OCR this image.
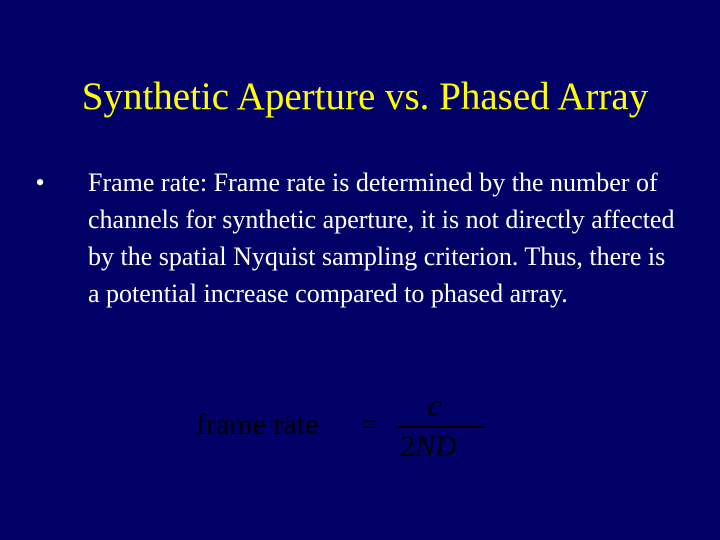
Synthetic Aperture vs. Phased Array
• Frame rate: Frame rate is determined by the number of channels for synthetic aperture, it is not directly affected by the spatial Nyquist sampling criterion. Thus, there is a potential increase compared to phased array.
frame rate =
c
2ND
